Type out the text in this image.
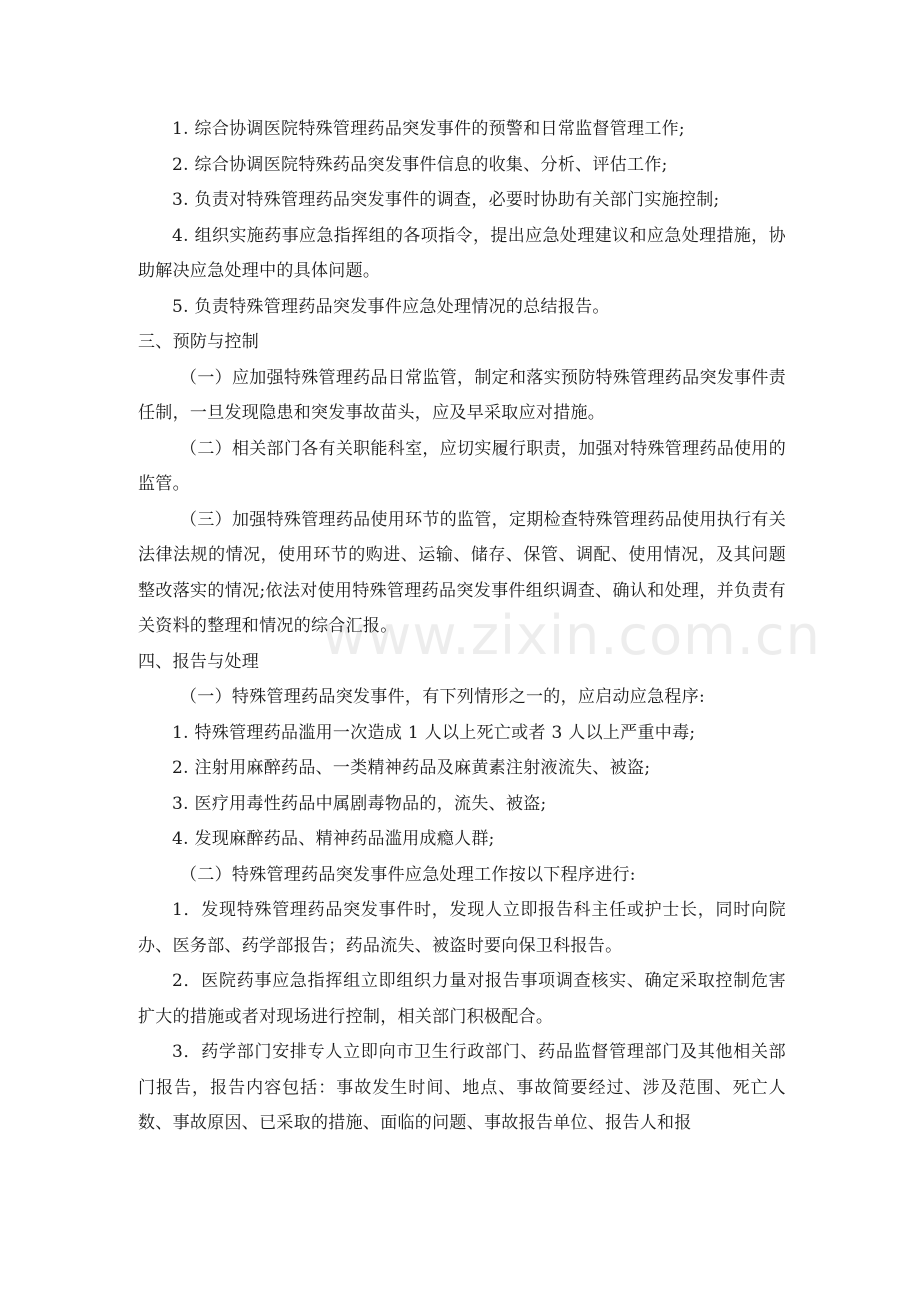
1. 综合协调医院特殊管理药品突发事件的预警和日常监督管理工作;

2. 综合协调医院特殊药品突发事件信息的收集、分析、评估工作;

3. 负责对特殊管理药品突发事件的调查，必要时协助有关部门实施控制;

4. 组织实施药事应急指挥组的各项指令，提出应急处理建议和应急处理措施，协助解决应急处理中的具体问题。

5. 负责特殊管理药品突发事件应急处理情况的总结报告。

三、预防与控制

（一）应加强特殊管理药品日常监管，制定和落实预防特殊管理药品突发事件责任制，一旦发现隐患和突发事故苗头，应及早采取应对措施。

（二）相关部门各有关职能科室，应切实履行职责，加强对特殊管理药品使用的监管。

（三）加强特殊管理药品使用环节的监管，定期检查特殊管理药品使用执行有关法律法规的情况，使用环节的购进、运输、储存、保管、调配、使用情况，及其问题整改落实的情况;依法对使用特殊管理药品突发事件组织调查、确认和处理，并负责有关资料的整理和情况的综合汇报。

四、报告与处理

（一）特殊管理药品突发事件，有下列情形之一的，应启动应急程序:

1. 特殊管理药品滥用一次造成 1 人以上死亡或者 3 人以上严重中毒;

2. 注射用麻醉药品、一类精神药品及麻黄素注射液流失、被盗;

3. 医疗用毒性药品中属剧毒物品的，流失、被盗;

4. 发现麻醉药品、精神药品滥用成瘾人群;

（二）特殊管理药品突发事件应急处理工作按以下程序进行:

1．发现特殊管理药品突发事件时，发现人立即报告科主任或护士长，同时向院办、医务部、药学部报告；药品流失、被盗时要向保卫科报告。

2．医院药事应急指挥组立即组织力量对报告事项调查核实、确定采取控制危害扩大的措施或者对现场进行控制，相关部门积极配合。

3．药学部门安排专人立即向市卫生行政部门、药品监督管理部门及其他相关部门报告，报告内容包括：事故发生时间、地点、事故简要经过、涉及范围、死亡人数、事故原因、已采取的措施、面临的问题、事故报告单位、报告人和报

www.zixin.com.cn
